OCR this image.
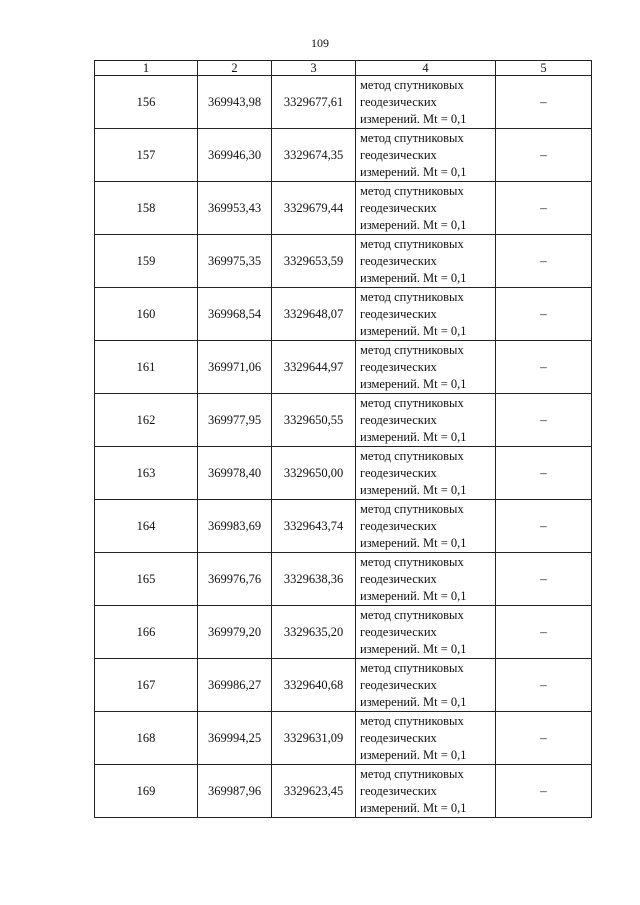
109
1	2	3	4	5
156	369943,98	3329677,61	метод спутниковых
геодезических
измерений. Mt = 0,1	–
157	369946,30	3329674,35	метод спутниковых
геодезических
измерений. Mt = 0,1	–
158	369953,43	3329679,44	метод спутниковых
геодезических
измерений. Mt = 0,1	–
159	369975,35	3329653,59	метод спутниковых
геодезических
измерений. Mt = 0,1	–
160	369968,54	3329648,07	метод спутниковых
геодезических
измерений. Mt = 0,1	–
161	369971,06	3329644,97	метод спутниковых
геодезических
измерений. Mt = 0,1	–
162	369977,95	3329650,55	метод спутниковых
геодезических
измерений. Mt = 0,1	–
163	369978,40	3329650,00	метод спутниковых
геодезических
измерений. Mt = 0,1	–
164	369983,69	3329643,74	метод спутниковых
геодезических
измерений. Mt = 0,1	–
165	369976,76	3329638,36	метод спутниковых
геодезических
измерений. Mt = 0,1	–
166	369979,20	3329635,20	метод спутниковых
геодезических
измерений. Mt = 0,1	–
167	369986,27	3329640,68	метод спутниковых
геодезических
измерений. Mt = 0,1	–
168	369994,25	3329631,09	метод спутниковых
геодезических
измерений. Mt = 0,1	–
169	369987,96	3329623,45	метод спутниковых
геодезических
измерений. Mt = 0,1	–
